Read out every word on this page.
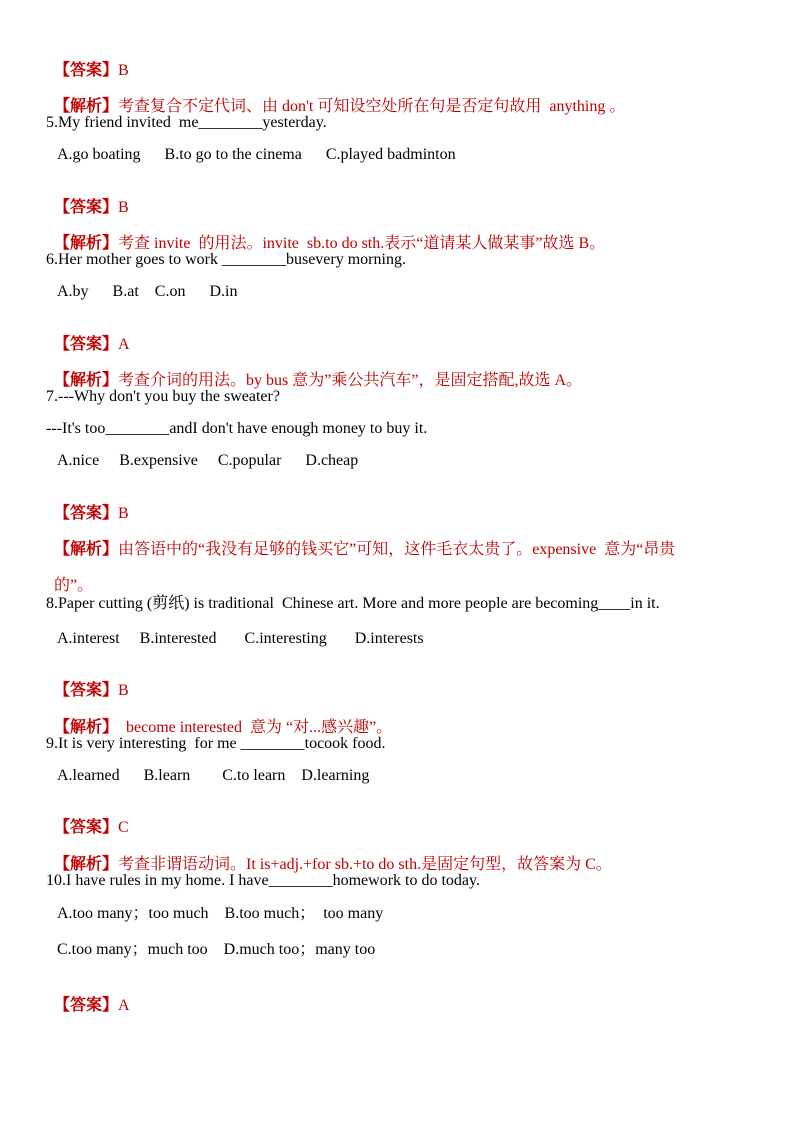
【答案】B

【解析】考查复合不定代词、由 don't 可知设空处所在句是否定句故用  anything 。

5.My friend invited  me________yesterday.
A.go boating      B.to go to the cinema      C.played badminton

【答案】B

【解析】考查 invite  的用法。invite  sb.to do sth.表示“道请某人做某事”故选 B。

6.Her mother goes to work ________busevery morning.
A.by      B.at    C.on      D.in

【答案】A

【解析】考查介词的用法。by bus 意为”乘公共汽车”，是固定搭配,故选 A。

7.---Why don't you buy the sweater?
---It's too________andI don't have enough money to buy it.
A.nice     B.expensive     C.popular      D.cheap

【答案】B

【解析】由答语中的“我没有足够的钱买它”可知，这件毛衣太贵了。expensive  意为“昂贵

的”。

8.Paper cutting (剪纸) is traditional  Chinese art. More and more people are becoming____in it.
A.interest     B.interested       C.interesting       D.interests

【答案】B

【解析】  become interested  意为 “对...感兴趣”。

9.It is very interesting  for me ________tocook food.
A.learned      B.learn        C.to learn    D.learning

【答案】C

【解析】考查非谓语动词。It is+adj.+for sb.+to do sth.是固定句型，故答案为 C。

10.I have rules in my home. I have________homework to do today.
A.too many；too much    B.too much；  too many
C.too many；much too    D.much too；many too

【答案】A
